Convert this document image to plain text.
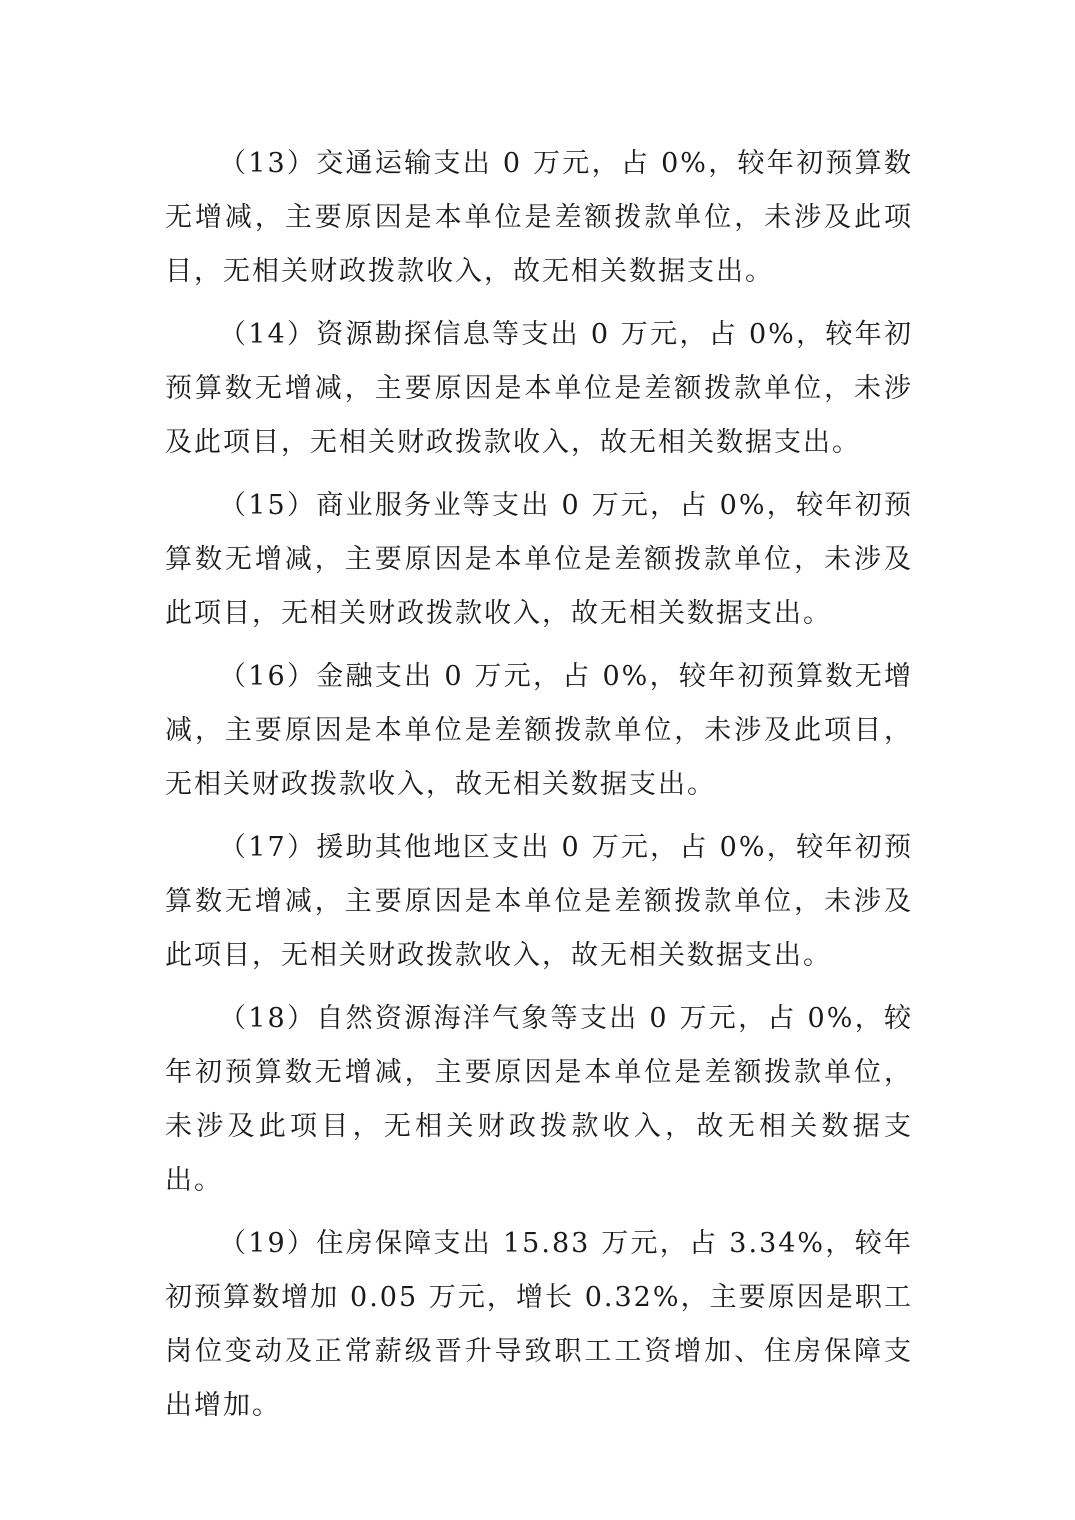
（13）交通运输支出 0 万元，占 0%，较年初预算数无增减，主要原因是本单位是差额拨款单位，未涉及此项目，无相关财政拨款收入，故无相关数据支出。

（14）资源勘探信息等支出 0 万元，占 0%，较年初预算数无增减，主要原因是本单位是差额拨款单位，未涉及此项目，无相关财政拨款收入，故无相关数据支出。

（15）商业服务业等支出 0 万元，占 0%，较年初预算数无增减，主要原因是本单位是差额拨款单位，未涉及此项目，无相关财政拨款收入，故无相关数据支出。

（16）金融支出 0 万元，占 0%，较年初预算数无增减，主要原因是本单位是差额拨款单位，未涉及此项目，无相关财政拨款收入，故无相关数据支出。

（17）援助其他地区支出 0 万元，占 0%，较年初预算数无增减，主要原因是本单位是差额拨款单位，未涉及此项目，无相关财政拨款收入，故无相关数据支出。

（18）自然资源海洋气象等支出 0 万元，占 0%，较年初预算数无增减，主要原因是本单位是差额拨款单位，未涉及此项目，无相关财政拨款收入，故无相关数据支出。

（19）住房保障支出 15.83 万元，占 3.34%，较年初预算数增加 0.05 万元，增长 0.32%，主要原因是职工岗位变动及正常薪级晋升导致职工工资增加、住房保障支出增加。
